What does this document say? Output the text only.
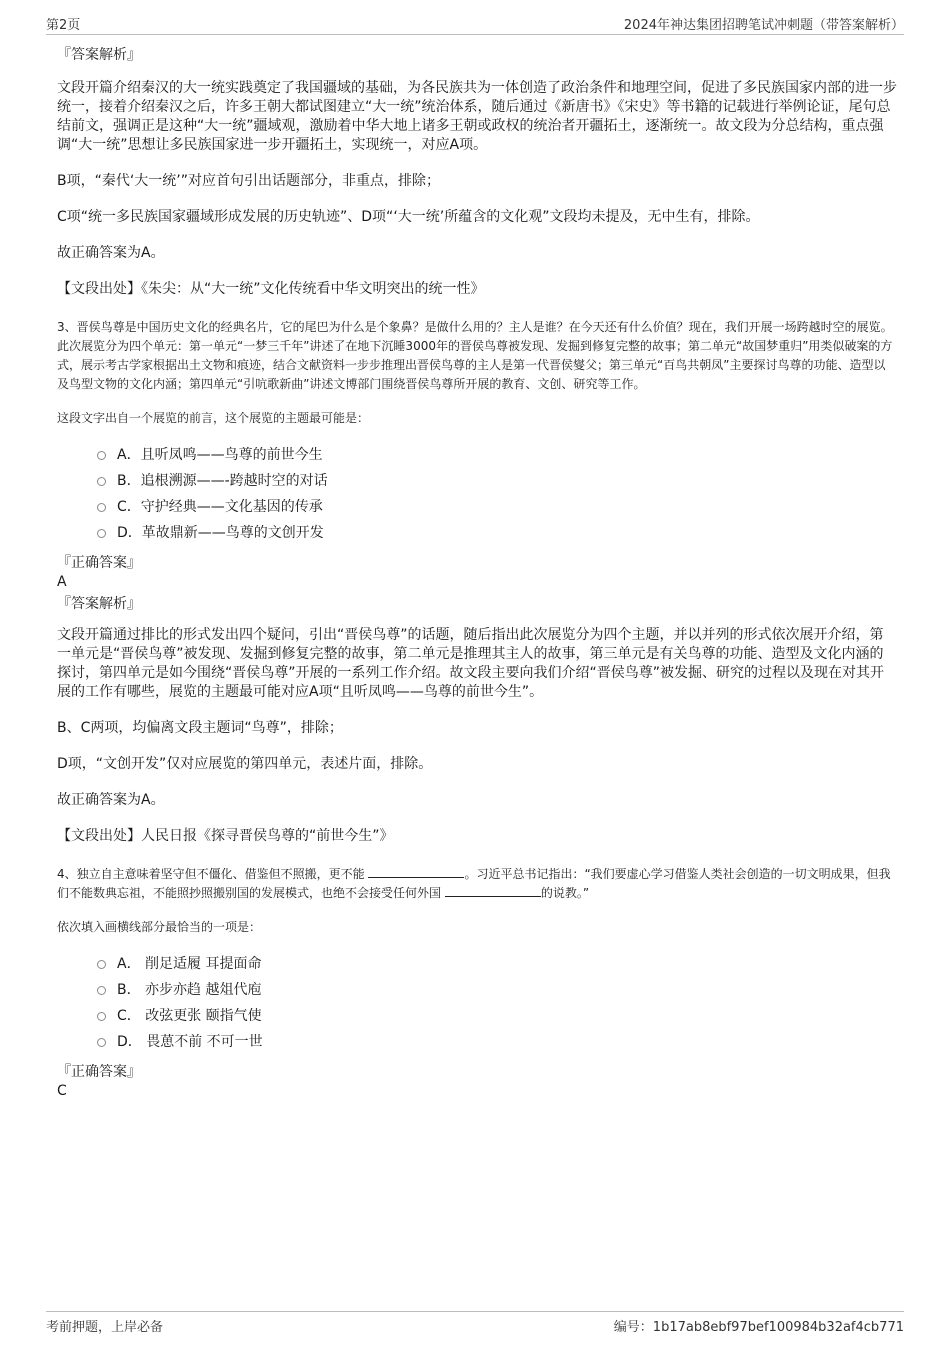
第2页	2024年神达集团招聘笔试冲刺题（带答案解析）

『答案解析』

文段开篇介绍秦汉的大一统实践奠定了我国疆域的基础，为各民族共为一体创造了政治条件和地理空间，促进了多民族国家内部的进一步统一，接着介绍秦汉之后，许多王朝大都试图建立“大一统”统治体系，随后通过《新唐书》《宋史》等书籍的记载进行举例论证，尾句总结前文，强调正是这种“大一统”疆域观，激励着中华大地上诸多王朝或政权的统治者开疆拓土，逐渐统一。故文段为分总结构，重点强调“大一统”思想让多民族国家进一步开疆拓土，实现统一，对应A项。

B项，“秦代‘大一统’”对应首句引出话题部分，非重点，排除；

C项“统一多民族国家疆域形成发展的历史轨迹”、D项“‘大一统’所蕴含的文化观”文段均未提及，无中生有，排除。

故正确答案为A。

【文段出处】《朱尖：从“大一统”文化传统看中华文明突出的统一性》

3、晋侯鸟尊是中国历史文化的经典名片，它的尾巴为什么是个象鼻？是做什么用的？主人是谁？在今天还有什么价值？现在，我们开展一场跨越时空的展览。此次展览分为四个单元：第一单元“一梦三千年”讲述了在地下沉睡3000年的晋侯鸟尊被发现、发掘到修复完整的故事；第二单元“故国梦重归”用类似破案的方式，展示考古学家根据出土文物和痕迹，结合文献资料一步步推理出晋侯鸟尊的主人是第一代晋侯燮父；第三单元“百鸟共朝凤”主要探讨鸟尊的功能、造型以及鸟型文物的文化内涵；第四单元“引吭歌新曲”讲述文博部门围绕晋侯鸟尊所开展的教育、文创、研究等工作。

这段文字出自一个展览的前言，这个展览的主题最可能是：

A．且听凤鸣——鸟尊的前世今生
B．追根溯源——-跨越时空的对话
C．守护经典——文化基因的传承
D．革故鼎新——鸟尊的文创开发

『正确答案』

A

『答案解析』

文段开篇通过排比的形式发出四个疑问，引出“晋侯鸟尊”的话题，随后指出此次展览分为四个主题，并以并列的形式依次展开介绍，第一单元是“晋侯鸟尊”被发现、发掘到修复完整的故事，第二单元是推理其主人的故事，第三单元是有关鸟尊的功能、造型及文化内涵的探讨，第四单元是如今围绕“晋侯鸟尊”开展的一系列工作介绍。故文段主要向我们介绍“晋侯鸟尊”被发掘、研究的过程以及现在对其开展的工作有哪些，展览的主题最可能对应A项“且听凤鸣——鸟尊的前世今生”。

B、C两项，均偏离文段主题词“鸟尊”，排除；

D项，“文创开发”仅对应展览的第四单元，表述片面，排除。

故正确答案为A。

【文段出处】人民日报《探寻晋侯鸟尊的“前世今生”》

4、独立自主意味着坚守但不僵化、借鉴但不照搬，更不能	。习近平总书记指出：“我们要虚心学习借鉴人类社会创造的一切文明成果，但我们不能数典忘祖，不能照抄照搬别国的发展模式，也绝不会接受任何外国	的说教。”

依次填入画横线部分最恰当的一项是：

A． 削足适履 耳提面命
B． 亦步亦趋 越俎代庖
C． 改弦更张 颐指气使
D． 畏葸不前 不可一世

『正确答案』

C

考前押题，上岸必备	编号：1b17ab8ebf97bef100984b32af4cb771
